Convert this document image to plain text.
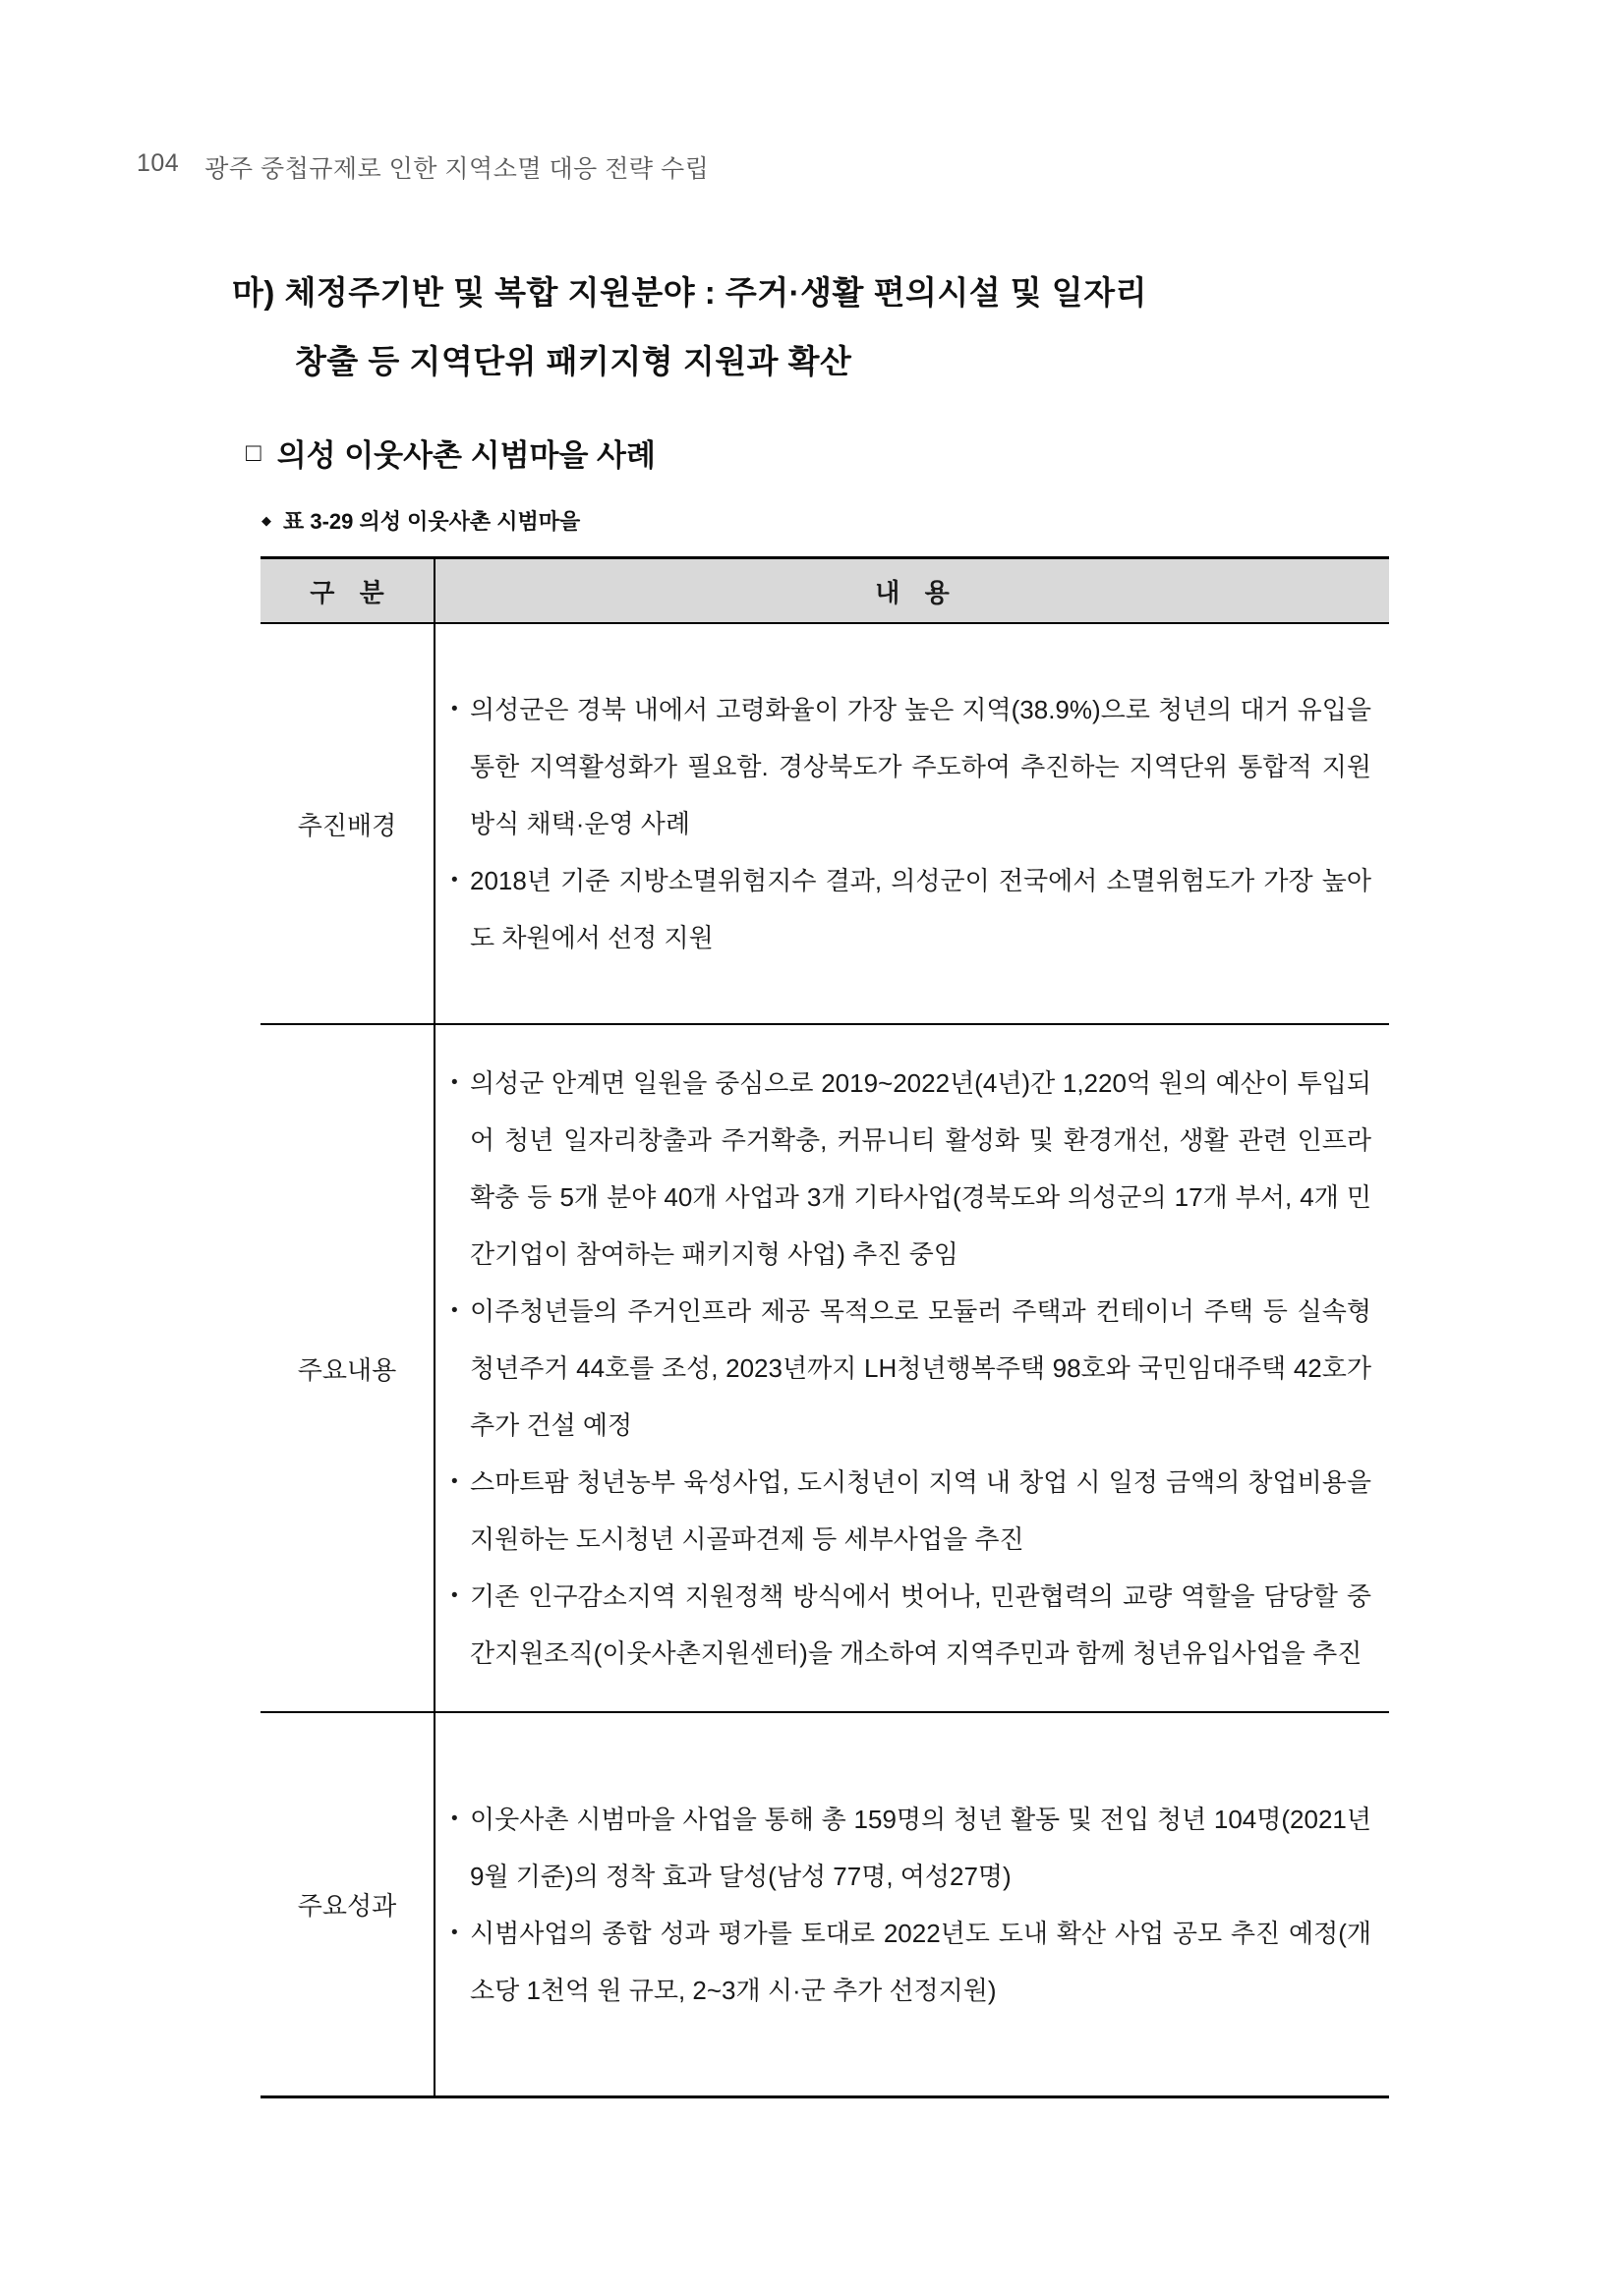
104 광주 중첩규제로 인한 지역소멸 대응 전략 수립
마) 체정주기반 및 복합 지원분야 : 주거·생활 편의시설 및 일자리
창출 등 지역단위 패키지형 지원과 확산
□ 의성 이웃사촌 시범마을 사례
◆ 표 3-29 의성 이웃사촌 시범마을
구 분	내 용
추진배경
• 의성군은 경북 내에서 고령화율이 가장 높은 지역(38.9%)으로 청년의 대거 유입을 통한 지역활성화가 필요함. 경상북도가 주도하여 추진하는 지역단위 통합적 지원방식 채택·운영 사례
• 2018년 기준 지방소멸위험지수 결과, 의성군이 전국에서 소멸위험도가 가장 높아 도 차원에서 선정 지원
주요내용
• 의성군 안계면 일원을 중심으로 2019~2022년(4년)간 1,220억 원의 예산이 투입되어 청년 일자리창출과 주거확충, 커뮤니티 활성화 및 환경개선, 생활 관련 인프라 확충 등 5개 분야 40개 사업과 3개 기타사업(경북도와 의성군의 17개 부서, 4개 민간기업이 참여하는 패키지형 사업) 추진 중임
• 이주청년들의 주거인프라 제공 목적으로 모듈러 주택과 컨테이너 주택 등 실속형 청년주거 44호를 조성, 2023년까지 LH청년행복주택 98호와 국민임대주택 42호가 추가 건설 예정
• 스마트팜 청년농부 육성사업, 도시청년이 지역 내 창업 시 일정 금액의 창업비용을 지원하는 도시청년 시골파견제 등 세부사업을 추진
• 기존 인구감소지역 지원정책 방식에서 벗어나, 민관협력의 교량 역할을 담당할 중간지원조직(이웃사촌지원센터)을 개소하여 지역주민과 함께 청년유입사업을 추진
주요성과
• 이웃사촌 시범마을 사업을 통해 총 159명의 청년 활동 및 전입 청년 104명(2021년 9월 기준)의 정착 효과 달성(남성 77명, 여성27명)
• 시범사업의 종합 성과 평가를 토대로 2022년도 도내 확산 사업 공모 추진 예정(개소당 1천억 원 규모, 2~3개 시·군 추가 선정지원)
